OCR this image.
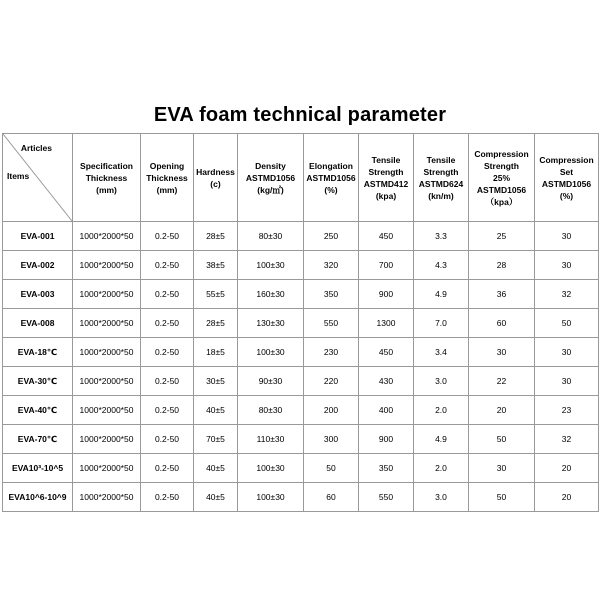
EVA foam technical parameter
Articles
Items	Specification
Thickness
(mm)	Opening
Thickness
(mm)	Hardness
(c)	Density
ASTMD1056
(kg/㎡)	Elongation
ASTMD1056
(%)	Tensile
Strength
ASTMD412
(kpa)	Tensile
Strength
ASTMD624
(kn/m)	Compression
Strength
25%
ASTMD1056
（kpa）	Compression
Set
ASTMD1056
(%)

EVA-001	1000*2000*50	0.2-50	28±5	80±30	250	450	3.3	25	30
EVA-002	1000*2000*50	0.2-50	38±5	100±30	320	700	4.3	28	30
EVA-003	1000*2000*50	0.2-50	55±5	160±30	350	900	4.9	36	32
EVA-008	1000*2000*50	0.2-50	28±5	130±30	550	1300	7.0	60	50
EVA-18℃	1000*2000*50	0.2-50	18±5	100±30	230	450	3.4	30	30
EVA-30℃	1000*2000*50	0.2-50	30±5	90±30	220	430	3.0	22	30
EVA-40℃	1000*2000*50	0.2-50	40±5	80±30	200	400	2.0	20	23
EVA-70℃	1000*2000*50	0.2-50	70±5	110±30	300	900	4.9	50	32
EVA10³-10^5	1000*2000*50	0.2-50	40±5	100±30	50	350	2.0	30	20
EVA10^6-10^9	1000*2000*50	0.2-50	40±5	100±30	60	550	3.0	50	20
